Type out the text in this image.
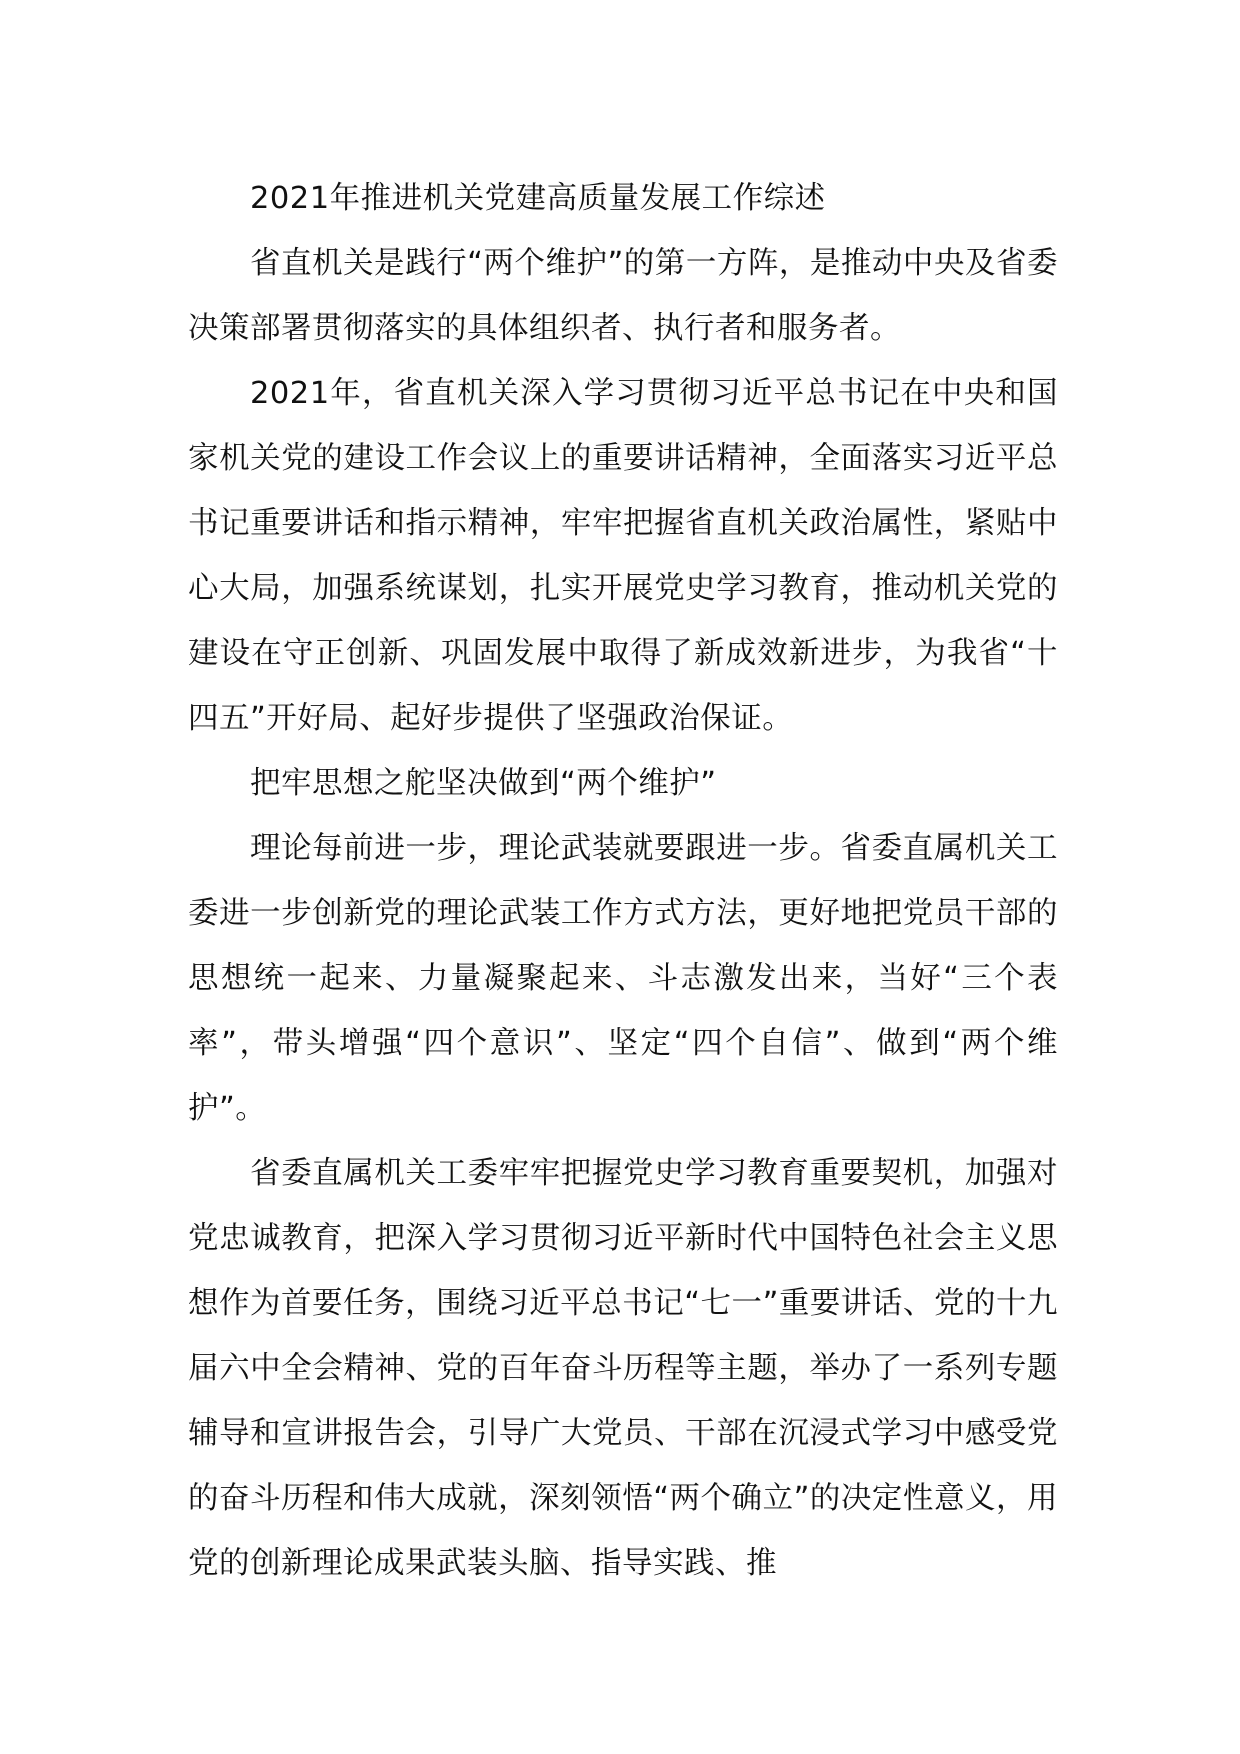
2021年推进机关党建高质量发展工作综述

省直机关是践行“两个维护”的第一方阵，是推动中央及省委决策部署贯彻落实的具体组织者、执行者和服务者。

2021年，省直机关深入学习贯彻习近平总书记在中央和国家机关党的建设工作会议上的重要讲话精神，全面落实习近平总书记重要讲话和指示精神，牢牢把握省直机关政治属性，紧贴中心大局，加强系统谋划，扎实开展党史学习教育，推动机关党的建设在守正创新、巩固发展中取得了新成效新进步，为我省“十四五”开好局、起好步提供了坚强政治保证。

把牢思想之舵坚决做到“两个维护”

理论每前进一步，理论武装就要跟进一步。省委直属机关工委进一步创新党的理论武装工作方式方法，更好地把党员干部的思想统一起来、力量凝聚起来、斗志激发出来，当好“三个表率”，带头增强“四个意识”、坚定“四个自信”、做到“两个维护”。

省委直属机关工委牢牢把握党史学习教育重要契机，加强对党忠诚教育，把深入学习贯彻习近平新时代中国特色社会主义思想作为首要任务，围绕习近平总书记“七一”重要讲话、党的十九届六中全会精神、党的百年奋斗历程等主题，举办了一系列专题辅导和宣讲报告会，引导广大党员、干部在沉浸式学习中感受党的奋斗历程和伟大成就，深刻领悟“两个确立”的决定性意义，用党的创新理论成果武装头脑、指导实践、推
